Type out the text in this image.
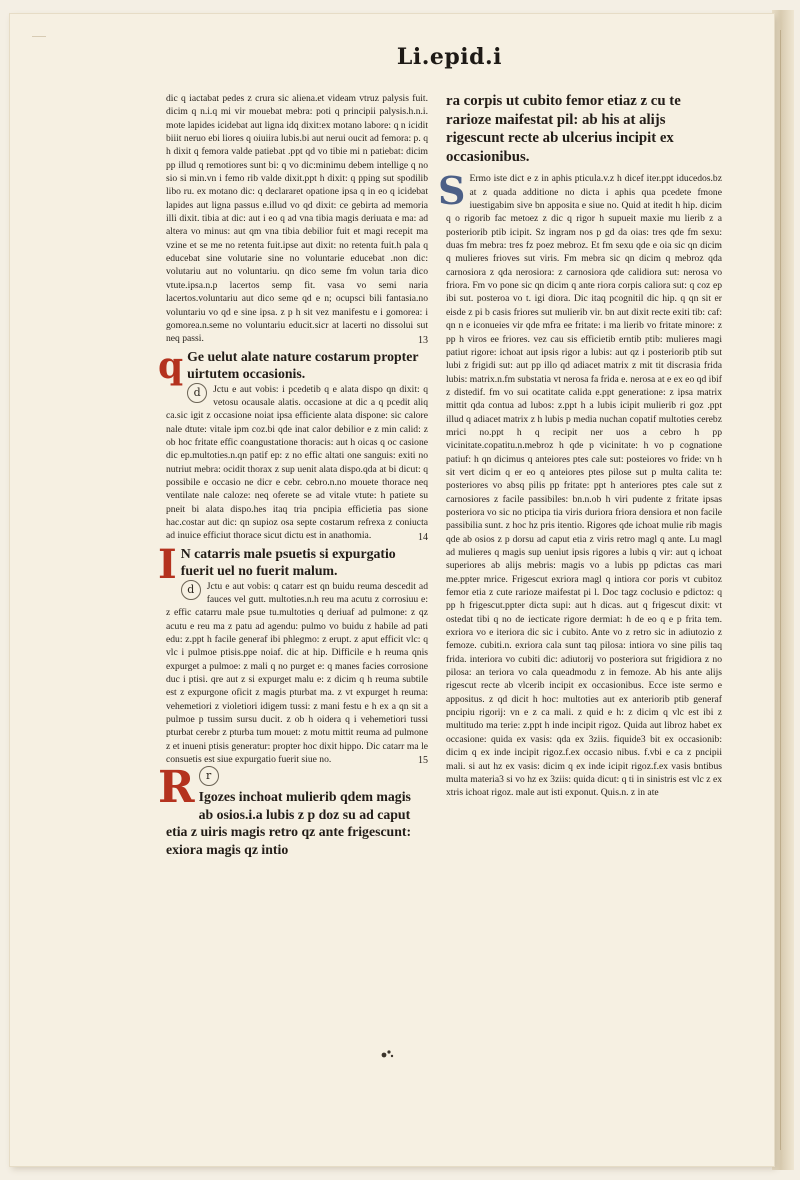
Li.epid.i

dic q iactabat pedes z crura sic aliena.et videam vtruz palysis fuit. dicim q n.i.q mi vir mouebat mebra: poti q principii palysis.h.n.i. mote lapides icidebat aut ligna idq dixit:ex motano labore: q n icidit biiit neruo ebi liores q oiuiira lubis.bi aut nerui oucit ad femora: p. q h dixit q femora valde patiebat .ppt qd vo tibie mi n patiebat: dicim pp illud q remotiores sunt bi: q vo dic:minimu debem intellige q no sio si min.vn i femo rib valde dixit.ppt h dixit: q pping sut spodilib libo ru. ex motano dic: q declararet opatione ipsa q in eo q icidebat lapides aut ligna passus e.illud vo qd dixit: ce gebirta ad memoria illi dixit. tibia at dic: aut i eo q ad vna tibia magis deriuata e ma: ad altera vo minus: aut qm vna tibia debilior fuit et magi recepit ma vzine et se me no retenta fuit.ipse aut dixit: no retenta fuit.h pala q educebat sine volutarie sine no voluntarie educebat .non dic: volutariu aut no voluntariu. qn dico seme fm volun taria dico vtute.ipsa.n.p lacertos semp fit. vasa vo semi naria lacertos.voluntariu aut dico seme qd e n; ocupsci bili fantasia.no voluntariu vo qd e sine ipsa. z p h sit vez manifestu e i gomorea: i gomorea.n.seme no voluntariu educit.sicr at lacerti no dissolui sut neq passi.	13
q Ge uelut alate nature costarum propter uirtutem occasionis.

d	Jctu e aut vobis: i pcedetib q e alata dispo qn dixit: q vetosu ocausale alatis. occasione at dic a q pcedit aliq ca.sic igit z occasione noiat ipsa efficiente alata dispone: sic calore nale dtute: vitale ipm coz.bi qde inat calor debilior e z min calid: z ob hoc fritate effic coangustatione thoracis: aut h oicas q oc casione dic ep.multoties.n.qn patif ep: z no effic altati one sanguis: exiti no nutriut mebra: ocidit thorax z sup uenit alata dispo.qda at bi dicut: q possibile e occasio ne dicr e cebr. cebro.n.no mouete thorace neq ventilate nale caloze: neq oferete se ad vitale vtute: h patiete su pneit bi alata dispo.hes itaq tria pncipia efficietia pas sione hac.costar aut dic: qn supioz osa septe costarum refrexa z coniucta ad inuice efficiut thorace sicut dictu est in anathomia.	14
I N catarris male psuetis si expurgatio fuerit uel no fuerit malum.

d	Jctu e aut vobis: q catarr est qn buidu reuma descedit ad fauces vel gutt. multoties.n.h reu ma acutu z corrosiuu e: z effic catarru male psue tu.multoties q deriuaf ad pulmone: z qz acutu e reu ma z patu ad agendu: pulmo vo buidu z habile ad pati edu: z.ppt h facile generaf ibi phlegmo: z erupt. z aput efficit vlc: q vlc i pulmoe ptisis.ppe noiaf. dic at hip. Difficile e h reuma qnis expurget a pulmoe: z mali q no purget e: q manes facies corrosione duc i ptisi. qre aut z si expurget malu e: z dicim q h reuma subtile est z expurgone oficit z magis pturbat ma. z vt expurget h reuma: vehemetiori z violetiori idigem tussi: z mani festu e h ex a qn sit a pulmoe p tussim sursu ducit. z ob h oidera q i vehemetiori tussi pturbat cerebr z pturba tum mouet: z motu mittit reuma ad pulmone z et inueni ptisis generatur: propter hoc dixit hippo. Dic catarr ma le consuetis est siue expurgatio fuerit siue no.	15
R r

Igozes inchoat mulierib qdem magis ab osios.i.a lubis z p doz su ad caput etia z uiris magis retro qz ante frigescunt: exiora magis qz intio

ra corpis ut cubito femor etiaz z cu te rarioze maifestat pil: ab his at alijs rigescunt recte ab ulcerius incipit ex occasionibus.

S Ermo iste dict e z in aphis pticula.v.z h dicef iter.ppt iducedos.bz at z quada additione no dicta i aphis qua pcedete fmone iuestigabim sive bn apposita e siue no. Quid at itedit h hip. dicim q o rigorib fac metoez z dic q rigor h supueit maxie mu lierib z a posteriorib ptib icipit. Sz ingram nos p gd da oias: tres qde fm sexu: duas fm mebra: tres fz poez mebroz. Et fm sexu qde e oia sic qn dicim q mulieres frioves sut viris. Fm mebra sic qn dicim q mebroz qda carnosiora z qda nerosiora: z carnosiora qde calidiora sut: nerosa vo friora. Fm vo pone sic qn dicim q ante riora corpis caliora sut: q coz ep ibi sut. posteroa vo t. igi diora. Dic itaq pcognitil dic hip. q qn sit er eisde z pi b casis friores sut mulierib vir. bn aut dixit recte exiti tib: caf: qn n e iconueies vir qde mfra ee fritate: i ma lierib vo fritate minore: z pp h viros ee friores. vez cau sis efficietib erntib ptib: mulieres magi patiut rigore: ichoat aut ipsis rigor a lubis: aut qz i posteriorib ptib sut lubi z frigidi sut: aut pp illo qd adiacet matrix z mit tit discrasia frida lubis: matrix.n.fm substatia vt nerosa fa frida e. nerosa at e ex eo qd ibif z distedif. fm vo sui ocatitate calida e.ppt generatione: z ipsa matrix mittit qda contua ad lubos: z.ppt h a lubis icipit mulierib ri goz .ppt illud q adiacet matrix z h lubis p media nuchan copatif multoties cerebz mrici no.ppt h q recipit ner uos a cebro h pp vicinitate.copatitu.n.mebroz h qde p vicinitate: h vo p cognatione patiuf: h qn dicimus q anteiores ptes cale sut: posteiores vo fride: vn h sit vert dicim q er eo q anteiores ptes pilose sut p multa calita te: posteriores vo absq pilis pp fritate: ppt h anteriores ptes cale sut z carnosiores z facile passibiles: bn.n.ob h viri pudente z fritate ipsas posteriora vo sic no pticipa tia viris duriora friora densiora et non facile passibilia sunt. z hoc hz pris itentio. Rigores qde ichoat mulie rib magis qde ab osios z p dorsu ad caput etia z viris retro magl q ante. Lu magl ad mulieres q magis sup ueniut ipsis rigores a lubis q vir: aut q ichoat superiores ab alijs mebris: magis vo a lubis pp pdictas cas mari me.ppter mrice. Frigescut exriora magl q intiora cor poris vt cubitoz femor etia z cute rarioze maifestat pi l. Doc tagz coclusio e pdictoz: q pp h frigescut.ppter dicta supi: aut h dicas. aut q frigescut dixit: vt ostedat tibi q no de iecticate rigore dermiat: h de eo q e p frita tem. exriora vo e iteriora dic sic i cubito. Ante vo z retro sic in adiutozio z femoze. cubiti.n. exriora cala sunt taq pilosa: intiora vo sine pilis taq frida. interiora vo cubiti dic: adiutorij vo posteriora sut frigidiora z no pilosa: an teriora vo cala queadmodu z in femoze. Ab his ante alijs rigescut recte ab vlcerib incipit ex occasionibus. Ecce iste sermo e appositus. z qd dicit h hoc: multoties aut ex anteriorib ptib generaf pncipiu rigorij: vn e z ca mali. z quid e h: z dicim q vlc est ibi z multitudo ma terie: z.ppt h inde incipit rigoz. Quida aut libroz habet ex occasione: quida ex vasis: qda ex 3ziis. fiquide3 bit ex occasionib: dicim q ex inde incipit rigoz.f.ex occasio nibus. f.vbi e ca z pncipii mali. si aut hz ex vasis: dicim q ex inde icipit rigoz.f.ex vasis bntibus multa materia3 si vo hz ex 3ziis: quida dicut: q ti in sinistris est vlc z ex xtris ichoat rigoz. male aut isti exponut. Quis.n. z in ate
